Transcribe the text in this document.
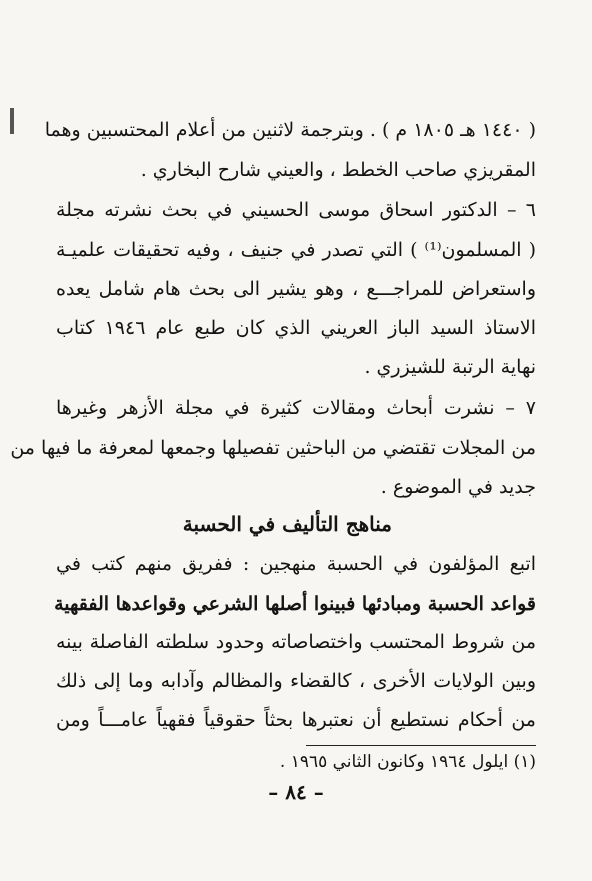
( ١٤٤٠ هـ ١٨٠٥ م ) . وبترجمة لاثنين من أعلام المحتسبين وهما
المقريزي صاحب الخطط ، والعيني شارح البخاري .
٦ – الدكتور اسحاق موسى الحسيني في بحث نشرته مجلة
( المسلمون⁽¹⁾ ) التي تصدر في جنيف ، وفيه تحقيقات علميـة
واستعراض للمراجـــع ، وهو يشير الى بحث هام شامل يعده
الاستاذ السيد الباز العريني الذي كان طبع عام ١٩٤٦ كتاب
نهاية الرتبة للشيزري .
٧ – نشرت أبحاث ومقالات كثيرة في مجلة الأزهر وغيرها
من المجلات تقتضي من الباحثين تفصيلها وجمعها لمعرفة ما فيها من
جديد في الموضوع .
مناهج التأليف في الحسبة
اتبع المؤلفون في الحسبة منهجين : ففريق منهم كتب في
قواعد الحسبة ومبادئها فبينوا أصلها الشرعي وقواعدها الفقهية
من شروط المحتسب واختصاصاته وحدود سلطته الفاصلة بينه
وبين الولايات الأخرى ، كالقضاء والمظالم وآدابه وما إلى ذلك
من أحكام نستطيع أن نعتبرها بحثاً حقوقياً فقهياً عامـــاً ومن
(١) ايلول ١٩٦٤ وكانون الثاني ١٩٦٥ .
– ٨٤ –
